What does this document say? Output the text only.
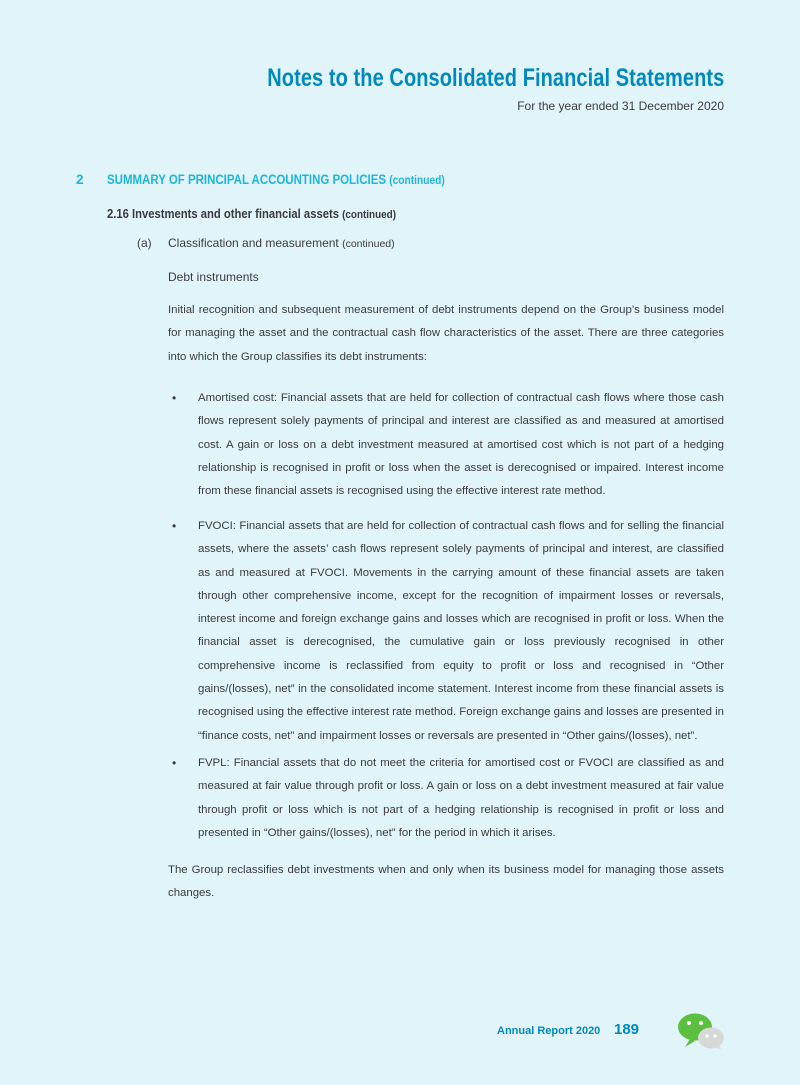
Notes to the Consolidated Financial Statements
For the year ended 31 December 2020
2 SUMMARY OF PRINCIPAL ACCOUNTING POLICIES (continued)
2.16 Investments and other financial assets (continued)
(a) Classification and measurement (continued)
Debt instruments

Initial recognition and subsequent measurement of debt instruments depend on the Group’s business model for managing the asset and the contractual cash flow characteristics of the asset. There are three categories into which the Group classifies its debt instruments:

• Amortised cost: Financial assets that are held for collection of contractual cash flows where those cash flows represent solely payments of principal and interest are classified as and measured at amortised cost. A gain or loss on a debt investment measured at amortised cost which is not part of a hedging relationship is recognised in profit or loss when the asset is derecognised or impaired. Interest income from these financial assets is recognised using the effective interest rate method.

• FVOCI: Financial assets that are held for collection of contractual cash flows and for selling the financial assets, where the assets’ cash flows represent solely payments of principal and interest, are classified as and measured at FVOCI. Movements in the carrying amount of these financial assets are taken through other comprehensive income, except for the recognition of impairment losses or reversals, interest income and foreign exchange gains and losses which are recognised in profit or loss. When the financial asset is derecognised, the cumulative gain or loss previously recognised in other comprehensive income is reclassified from equity to profit or loss and recognised in “Other gains/(losses), net” in the consolidated income statement. Interest income from these financial assets is recognised using the effective interest rate method. Foreign exchange gains and losses are presented in “finance costs, net” and impairment losses or reversals are presented in “Other gains/(losses), net”.

• FVPL: Financial assets that do not meet the criteria for amortised cost or FVOCI are classified as and measured at fair value through profit or loss. A gain or loss on a debt investment measured at fair value through profit or loss which is not part of a hedging relationship is recognised in profit or loss and presented in “Other gains/(losses), net” for the period in which it arises.

The Group reclassifies debt investments when and only when its business model for managing those assets changes.

Annual Report 2020 189
